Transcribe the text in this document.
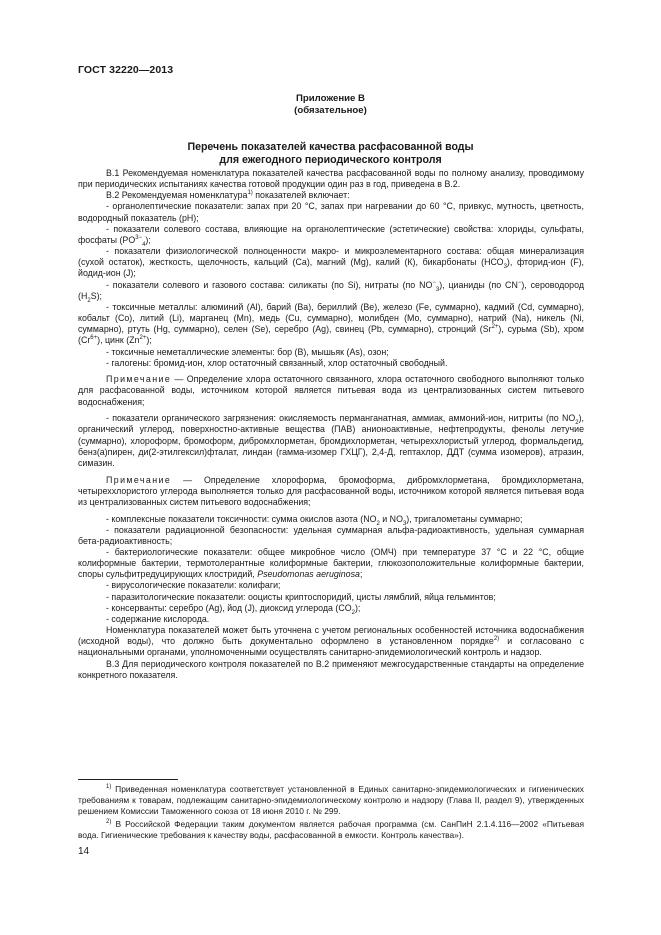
ГОСТ 32220—2013
Приложение В
(обязательное)
Перечень показателей качества расфасованной воды
для ежегодного периодического контроля

В.1 Рекомендуемая номенклатура показателей качества расфасованной воды по полному анализу, проводимому при периодических испытаниях качества готовой продукции один раз в год, приведена в В.2.

В.2 Рекомендуемая номенклатура$^{1)}$ показателей включает:

- органолептические показатели: запах при 20 °С, запах при нагревании до 60 °С, привкус, мутность, цветность, водородный показатель (pH);

- показатели солевого состава, влияющие на органолептические (эстетические) свойства: хлориды, сульфаты, фосфаты $(PO^{3-}_4)$;

- показатели физиологической полноценности макро- и микроэлементарного состава: общая минерализация (сухой остаток), жесткость, щелочность, кальций (Са), магний (Mg), калий (К), бикарбонаты $(НСО_3)$, фторид-ион (F), йодид-ион (J);

- показатели солевого и газового состава: силикаты (по Si), нитраты (по $NO^-_3$), цианиды (по CN−), сероводород $(H_2S)$;

- токсичные металлы: алюминий (Al), барий (Ва), бериллий (Be), железо (Fe, суммарно), кадмий (Cd, суммарно), кобальт (Со), литий (Li), марганец (Mn), медь (Cu, суммарно), молибден (Мо, суммарно), натрий (Na), никель (Ni, суммарно), ртуть (Hg, суммарно), селен (Se), серебро (Ag), свинец (Pb, суммарно), стронций $(Sr^{2+})$, сурьма (Sb), хром $(Cr^{6+})$, цинк $(Zn^{2+})$;

- токсичные неметаллические элементы: бор (В), мышьяк (As), озон;

- галогены: бромид-ион, хлор остаточный связанный, хлор остаточный свободный.

Примечание — Определение хлора остаточного связанного, хлора остаточного свободного выполняют только для расфасованной воды, источником которой является питьевая вода из централизованных систем питьевого водоснабжения;

- показатели органического загрязнения: окисляемость перманганатная, аммиак, аммоний-ион, нитриты (по $NO_2$), органический углерод, поверхностно-активные вещества (ПАВ) анионоактивные, нефтепродукты, фенолы летучие (суммарно), хлороформ, бромоформ, дибромхлорметан, бромдихлорметан, четыреххлористый углерод, формальдегид, бенз(а)пирен, ди(2-этилгексил)фталат, линдан (гамма-изомер ГХЦГ), 2,4-Д, гептахлор, ДДТ (сумма изомеров), атразин, симазин.

Примечание — Определение хлороформа, бромоформа, дибромхлорметана, бромдихлорметана, четыреххлористого углерода выполняется только для расфасованной воды, источником которой является питьевая вода из централизованных систем питьевого водоснабжения;

- комплексные показатели токсичности: сумма окислов азота ($NO_2$ и $NO_3$), тригалометаны суммарно;

- показатели радиационной безопасности: удельная суммарная альфа-радиоактивность, удельная суммарная бета-радиоактивность;

- бактериологические показатели: общее микробное число (ОМЧ) при температуре 37 °С и 22 °С, общие колиформные бактерии, термотолерантные колиформные бактерии, глюкозоположительные колиформные бактерии, споры сульфитредуцирующих клостридий, Pseudomonas aeruginosa;

- вирусологические показатели: колифаги;

- паразитологические показатели: ооцисты криптоспоридий, цисты лямблий, яйца гельминтов;

- консерванты: серебро (Ag), йод (J), диоксид углерода $(CO_2)$;

- содержание кислорода.

Номенклатура показателей может быть уточнена с учетом региональных особенностей источника водоснабжения (исходной воды), что должно быть документально оформлено в установленном порядке$^{2)}$ и согласовано с национальными органами, уполномоченными осуществлять санитарно-эпидемиологический контроль и надзор.

В.3 Для периодического контроля показателей по В.2 применяют межгосударственные стандарты на определение конкретного показателя.

$^{1)}$ Приведенная номенклатура соответствует установленной в Единых санитарно-эпидемиологических и гигиенических требованиям к товарам, подлежащим санитарно-эпидемиологическому контролю и надзору (Глава II, раздел 9), утвержденных решением Комиссии Таможенного союза от 18 июня 2010 г. № 299.

$^{2)}$ В Российской Федерации таким документом является рабочая программа (см. СанПиН 2.1.4.116—2002 «Питьевая вода. Гигиенические требования к качеству воды, расфасованной в емкости. Контроль качества»).

14
